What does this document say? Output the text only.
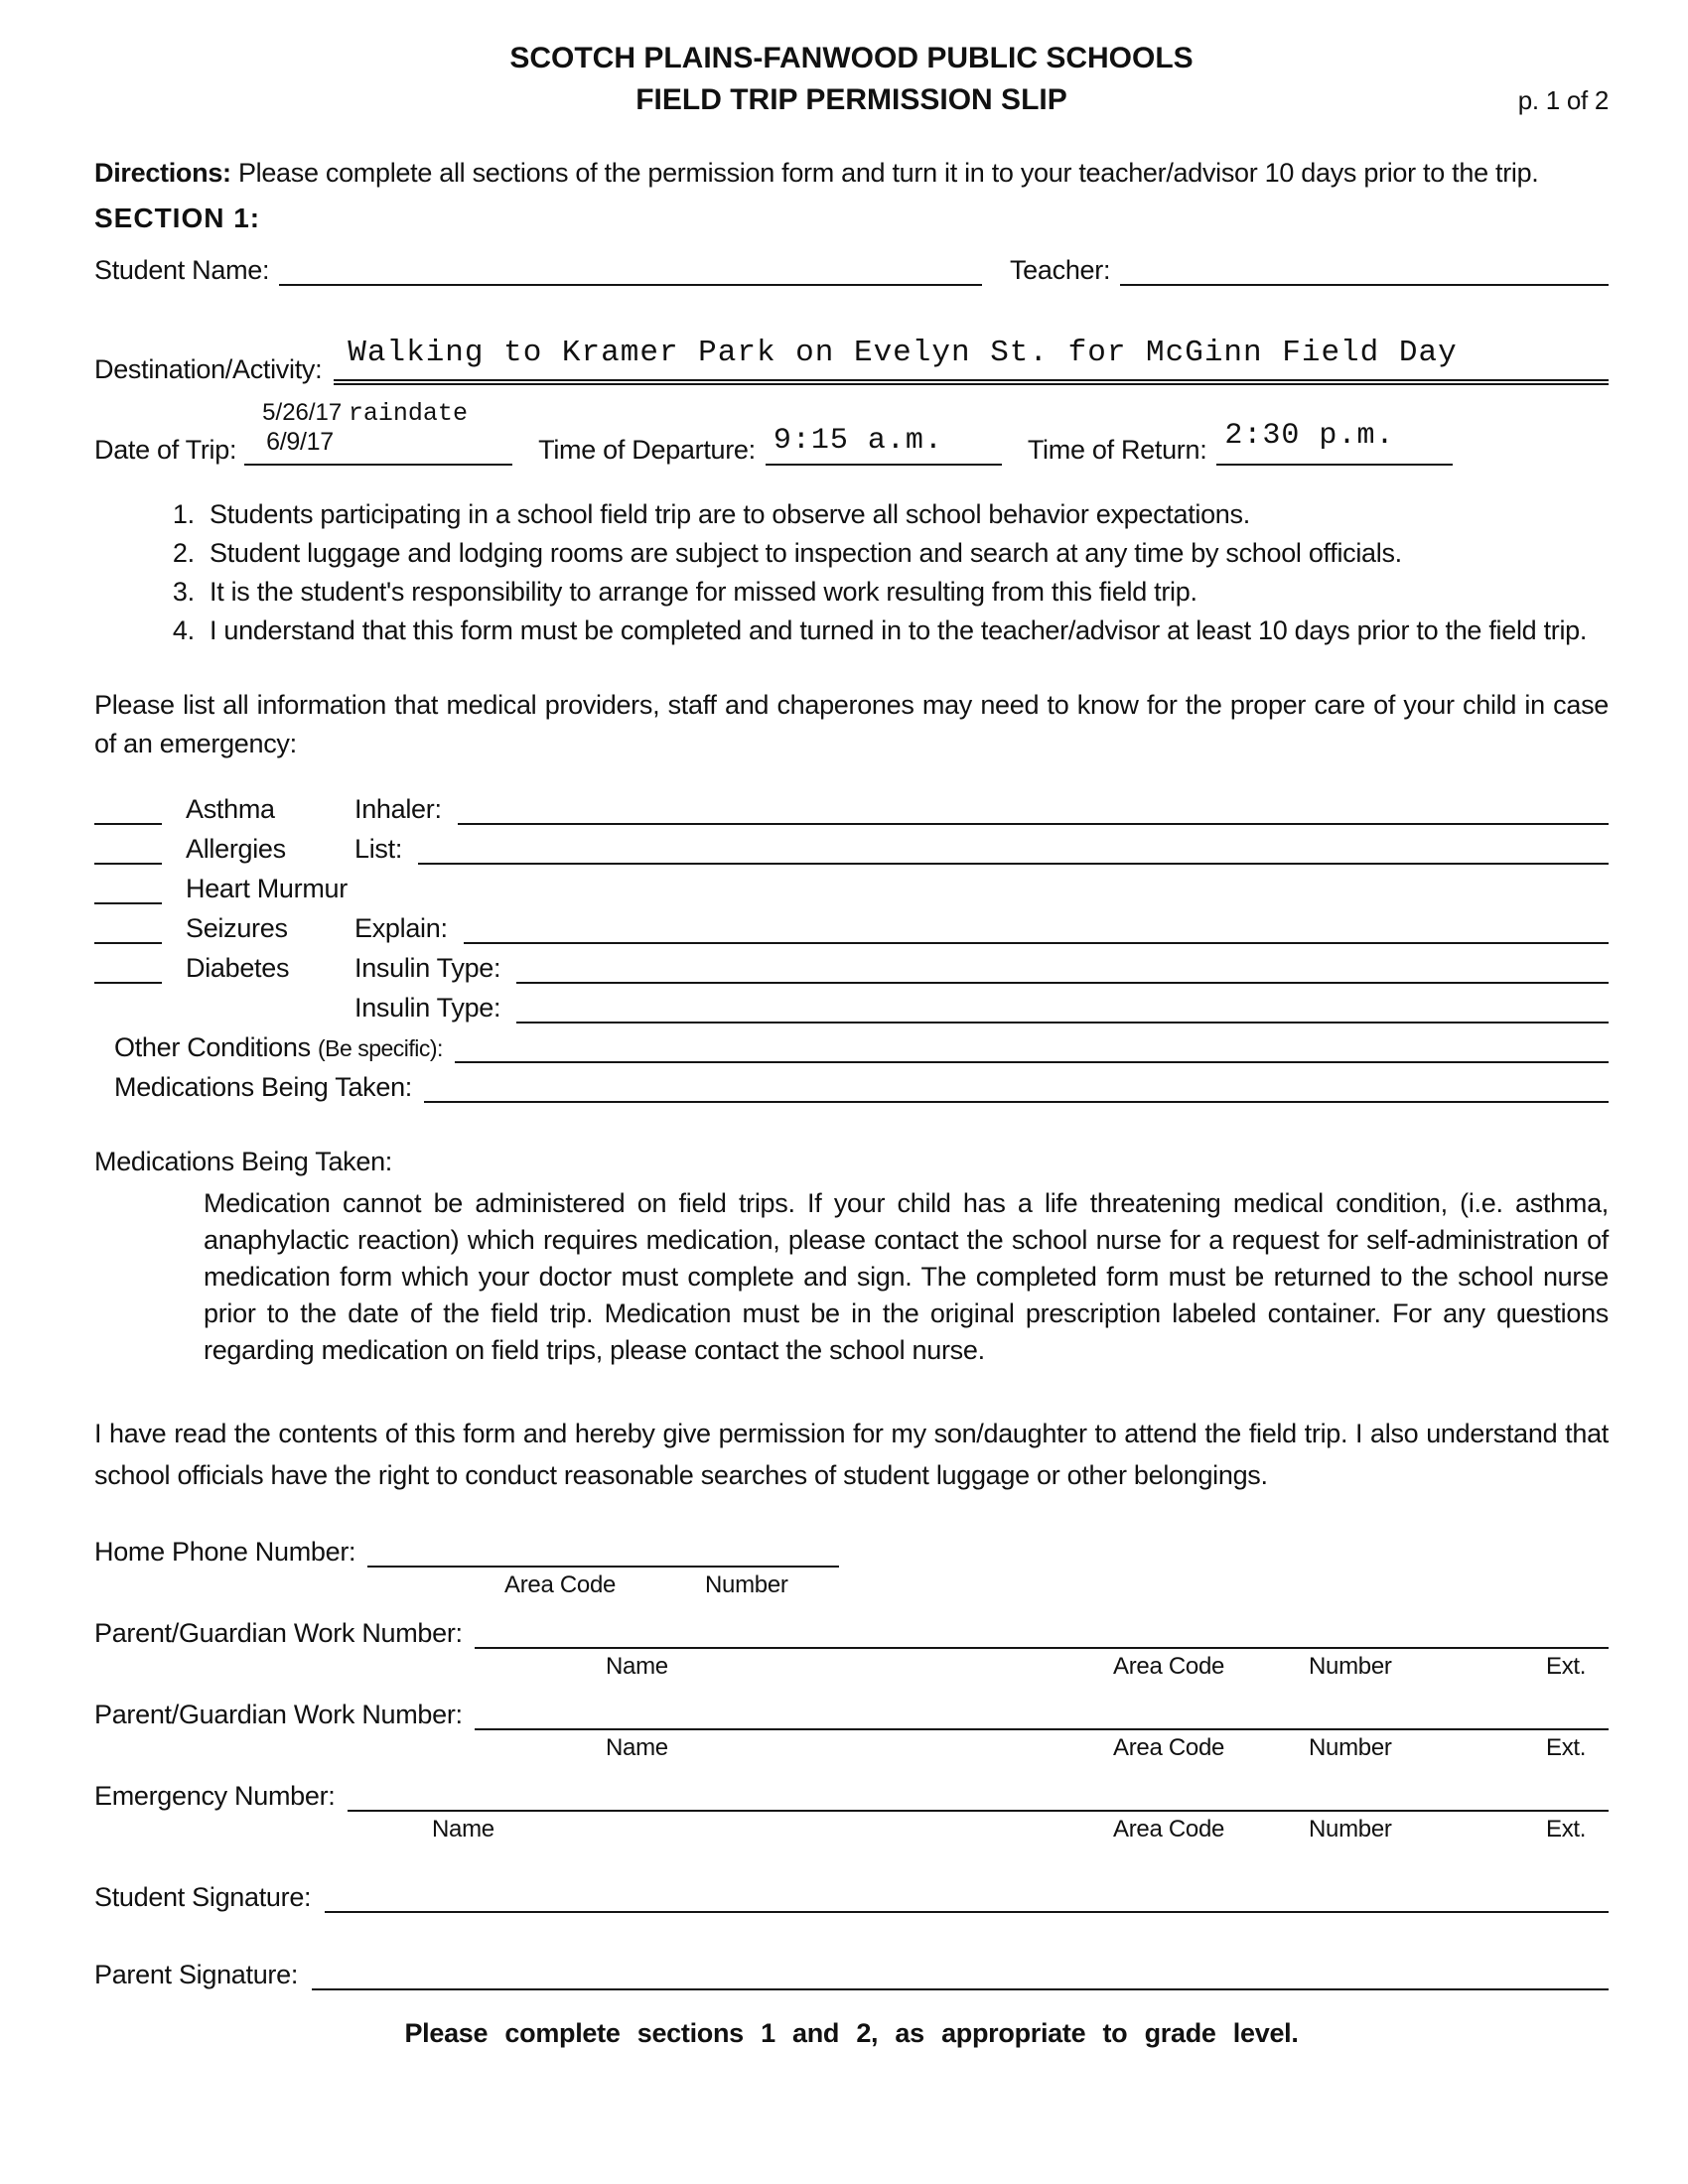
SCOTCH PLAINS-FANWOOD PUBLIC SCHOOLS
FIELD TRIP PERMISSION SLIP	p. 1 of 2

Directions: Please complete all sections of the permission form and turn it in to your teacher/advisor 10 days prior to the trip.

SECTION 1:
Student Name:	Teacher:
Destination/Activity: Walking to Kramer Park on Evelyn St. for McGinn Field Day
Date of Trip:
5/26/17 raindate
6/9/17	Time of Departure: 9:15 a.m.	Time of Return: 2:30 p.m.
1. Students participating in a school field trip are to observe all school behavior expectations.
2. Student luggage and lodging rooms are subject to inspection and search at any time by school officials.
3. It is the student's responsibility to arrange for missed work resulting from this field trip.
4. I understand that this form must be completed and turned in to the teacher/advisor at least 10 days prior to the field trip.

Please list all information that medical providers, staff and chaperones may need to know for the proper care of your child in case of an emergency:

Asthma	Inhaler:
Allergies	List:
Heart Murmur
Seizures	Explain:
Diabetes	Insulin Type:
Insulin Type:
Other Conditions (Be specific):
Medications Being Taken:
Medications Being Taken:

Medication cannot be administered on field trips. If your child has a life threatening medical condition, (i.e. asthma, anaphylactic reaction) which requires medication, please contact the school nurse for a request for self-administration of medication form which your doctor must complete and sign. The completed form must be returned to the school nurse prior to the date of the field trip. Medication must be in the original prescription labeled container. For any questions regarding medication on field trips, please contact the school nurse.

I have read the contents of this form and hereby give permission for my son/daughter to attend the field trip. I also understand that school officials have the right to conduct reasonable searches of student luggage or other belongings.

Home Phone Number:
Area Code	Number
Parent/Guardian Work Number:
Name	Area Code	Number	Ext.
Parent/Guardian Work Number:
Name	Area Code	Number	Ext.
Emergency Number:
Name	Area Code	Number	Ext.
Student Signature:
Parent Signature:
Please complete sections 1 and 2, as appropriate to grade level.
